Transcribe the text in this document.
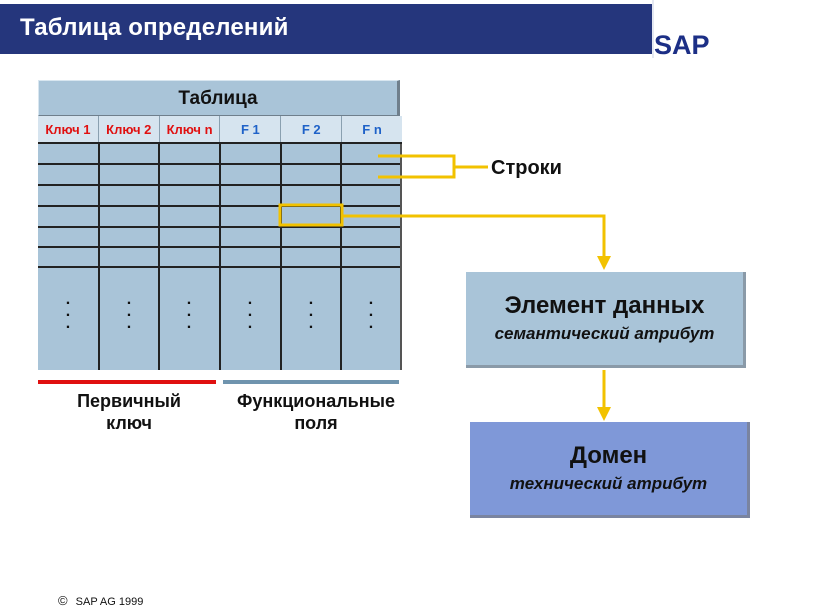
Таблица определений
SAP
Таблица
Ключ 1	Ключ 2	Ключ n	F 1	F 2	F n
.
.
.
.
.
.
.
.
.
.
.
.
.
.
.
.
.
.
Строки
Первичный
ключ
Функциональные
поля
Элемент данных
семантический атрибут
Домен
технический атрибут
© SAP AG 1999
